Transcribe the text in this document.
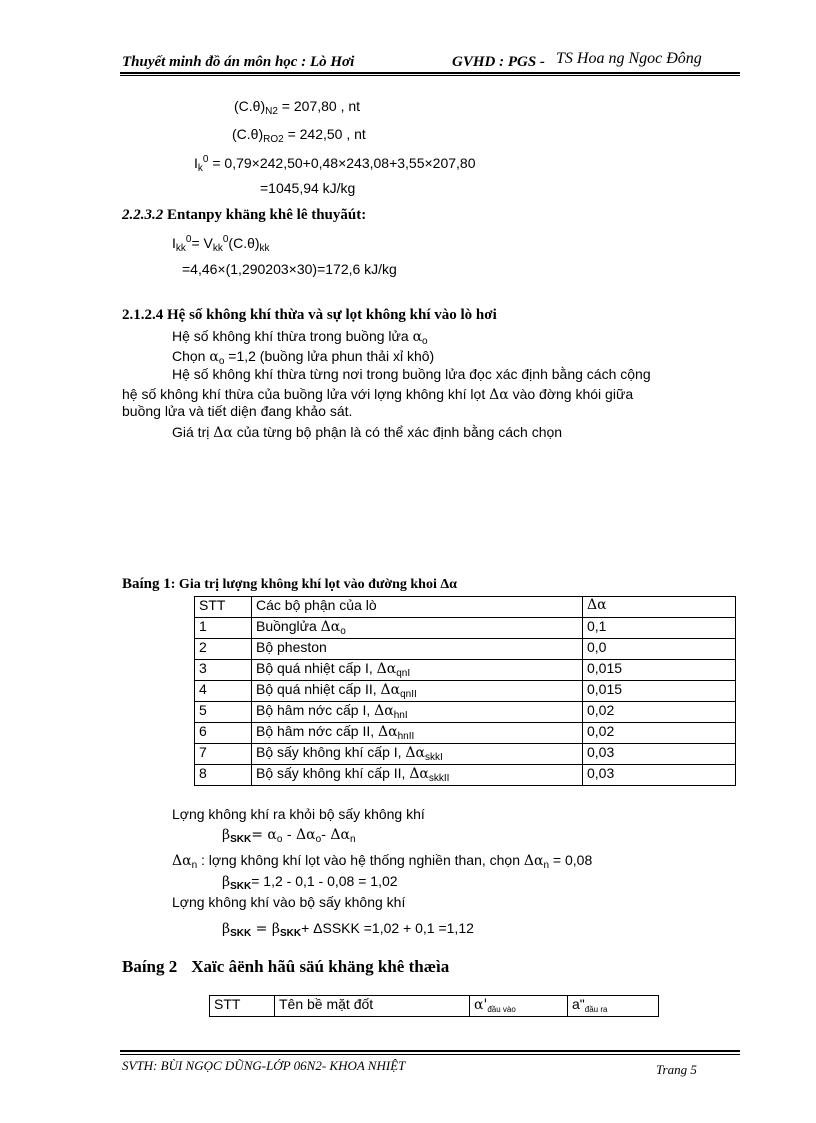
Thuyết minh đồ án môn học : Lò Hơi	GVHD : PGS - TS Hoa ng Ngoc Đông
$(C.\theta)_{N2} = 207,80$ , nt
$(C.\theta)_{RO2} = 242,50$ , nt
$I_k^0 = 0,79\times 242,50+0,48\times 243,08+3,55\times 207,80$
=1045,94 kJ/kg
2.2.3.2 Entanpy khäng khê lê thuyãút:
$I_{kk}^0= V_{kk}^0(C.\theta)_{kk}$
=4,46×(1,290203×30)=172,6 kJ/kg
2.1.2.4 Hệ số không khí thừa và sự lọt không khí vào lò hơi
Hệ số không khí thừa trong buồng lửa $\alpha_o$
Chọn $\alpha_o =1,2$ (buồng lửa phun thải xỉ khô)
Hệ số không khí thừa từng nơi trong buồng lửa đọc xác định bằng cách cộng
hệ số không khí thừa của buồng lửa với lợng không khí lọt Δα vào đờng khói giữa
buồng lửa và tiết diện đang khảo sát.
Giá trị Δα của từng bộ phận là có thể xác định bằng cách chọn
Baíng 1: Gia trị lượng không khí lọt vào đường khoi Δα
STT	Các bộ phận của lò	Δα
1	Buồnglửa $\Delta\alpha_o$	0,1
2	Bộ pheston	0,0
3	Bộ quá nhiệt cấp I, $\Delta\alpha_{qnI}$	0,015
4	Bộ quá nhiệt cấp II, $\Delta\alpha_{qnII}$	0,015
5	Bộ hâm nớc cấp I, $\Delta\alpha_{hnI}$	0,02
6	Bộ hâm nớc cấp II, $\Delta\alpha_{hnII}$	0,02
7	Bộ sấy không khí cấp I, $\Delta\alpha_{skkI}$	0,03
8	Bộ sấy không khí cấp II, $\Delta\alpha_{skkII}$	0,03
Lợng không khí ra khỏi bộ sấy không khí
$\beta_{SKK}= \alpha_o - \Delta\alpha_o-$ $\Delta\alpha_n$
$\Delta\alpha_n$ : lợng không khí lọt vào hệ thống nghiền than, chọn $\Delta\alpha_n = 0,08$
$\beta_{SKK}= 1,2 - 0,1 - 0,08 = 1,02$
Lợng không khí vào bộ sấy không khí
$\beta_{SKK} = \beta_{SKK}+$ ΔSSKK =1,02 + 0,1 =1,12
Baíng 2 Xaïc âënh hãû säú khäng khê thæìa
STT	Tên bề mặt đốt	$\alpha'_{đầu vào}$	$a"_{đầu ra}$
SVTH: BÙI NGỌC DŨNG-LỚP 06N2- KHOA NHIỆT	Trang 5
